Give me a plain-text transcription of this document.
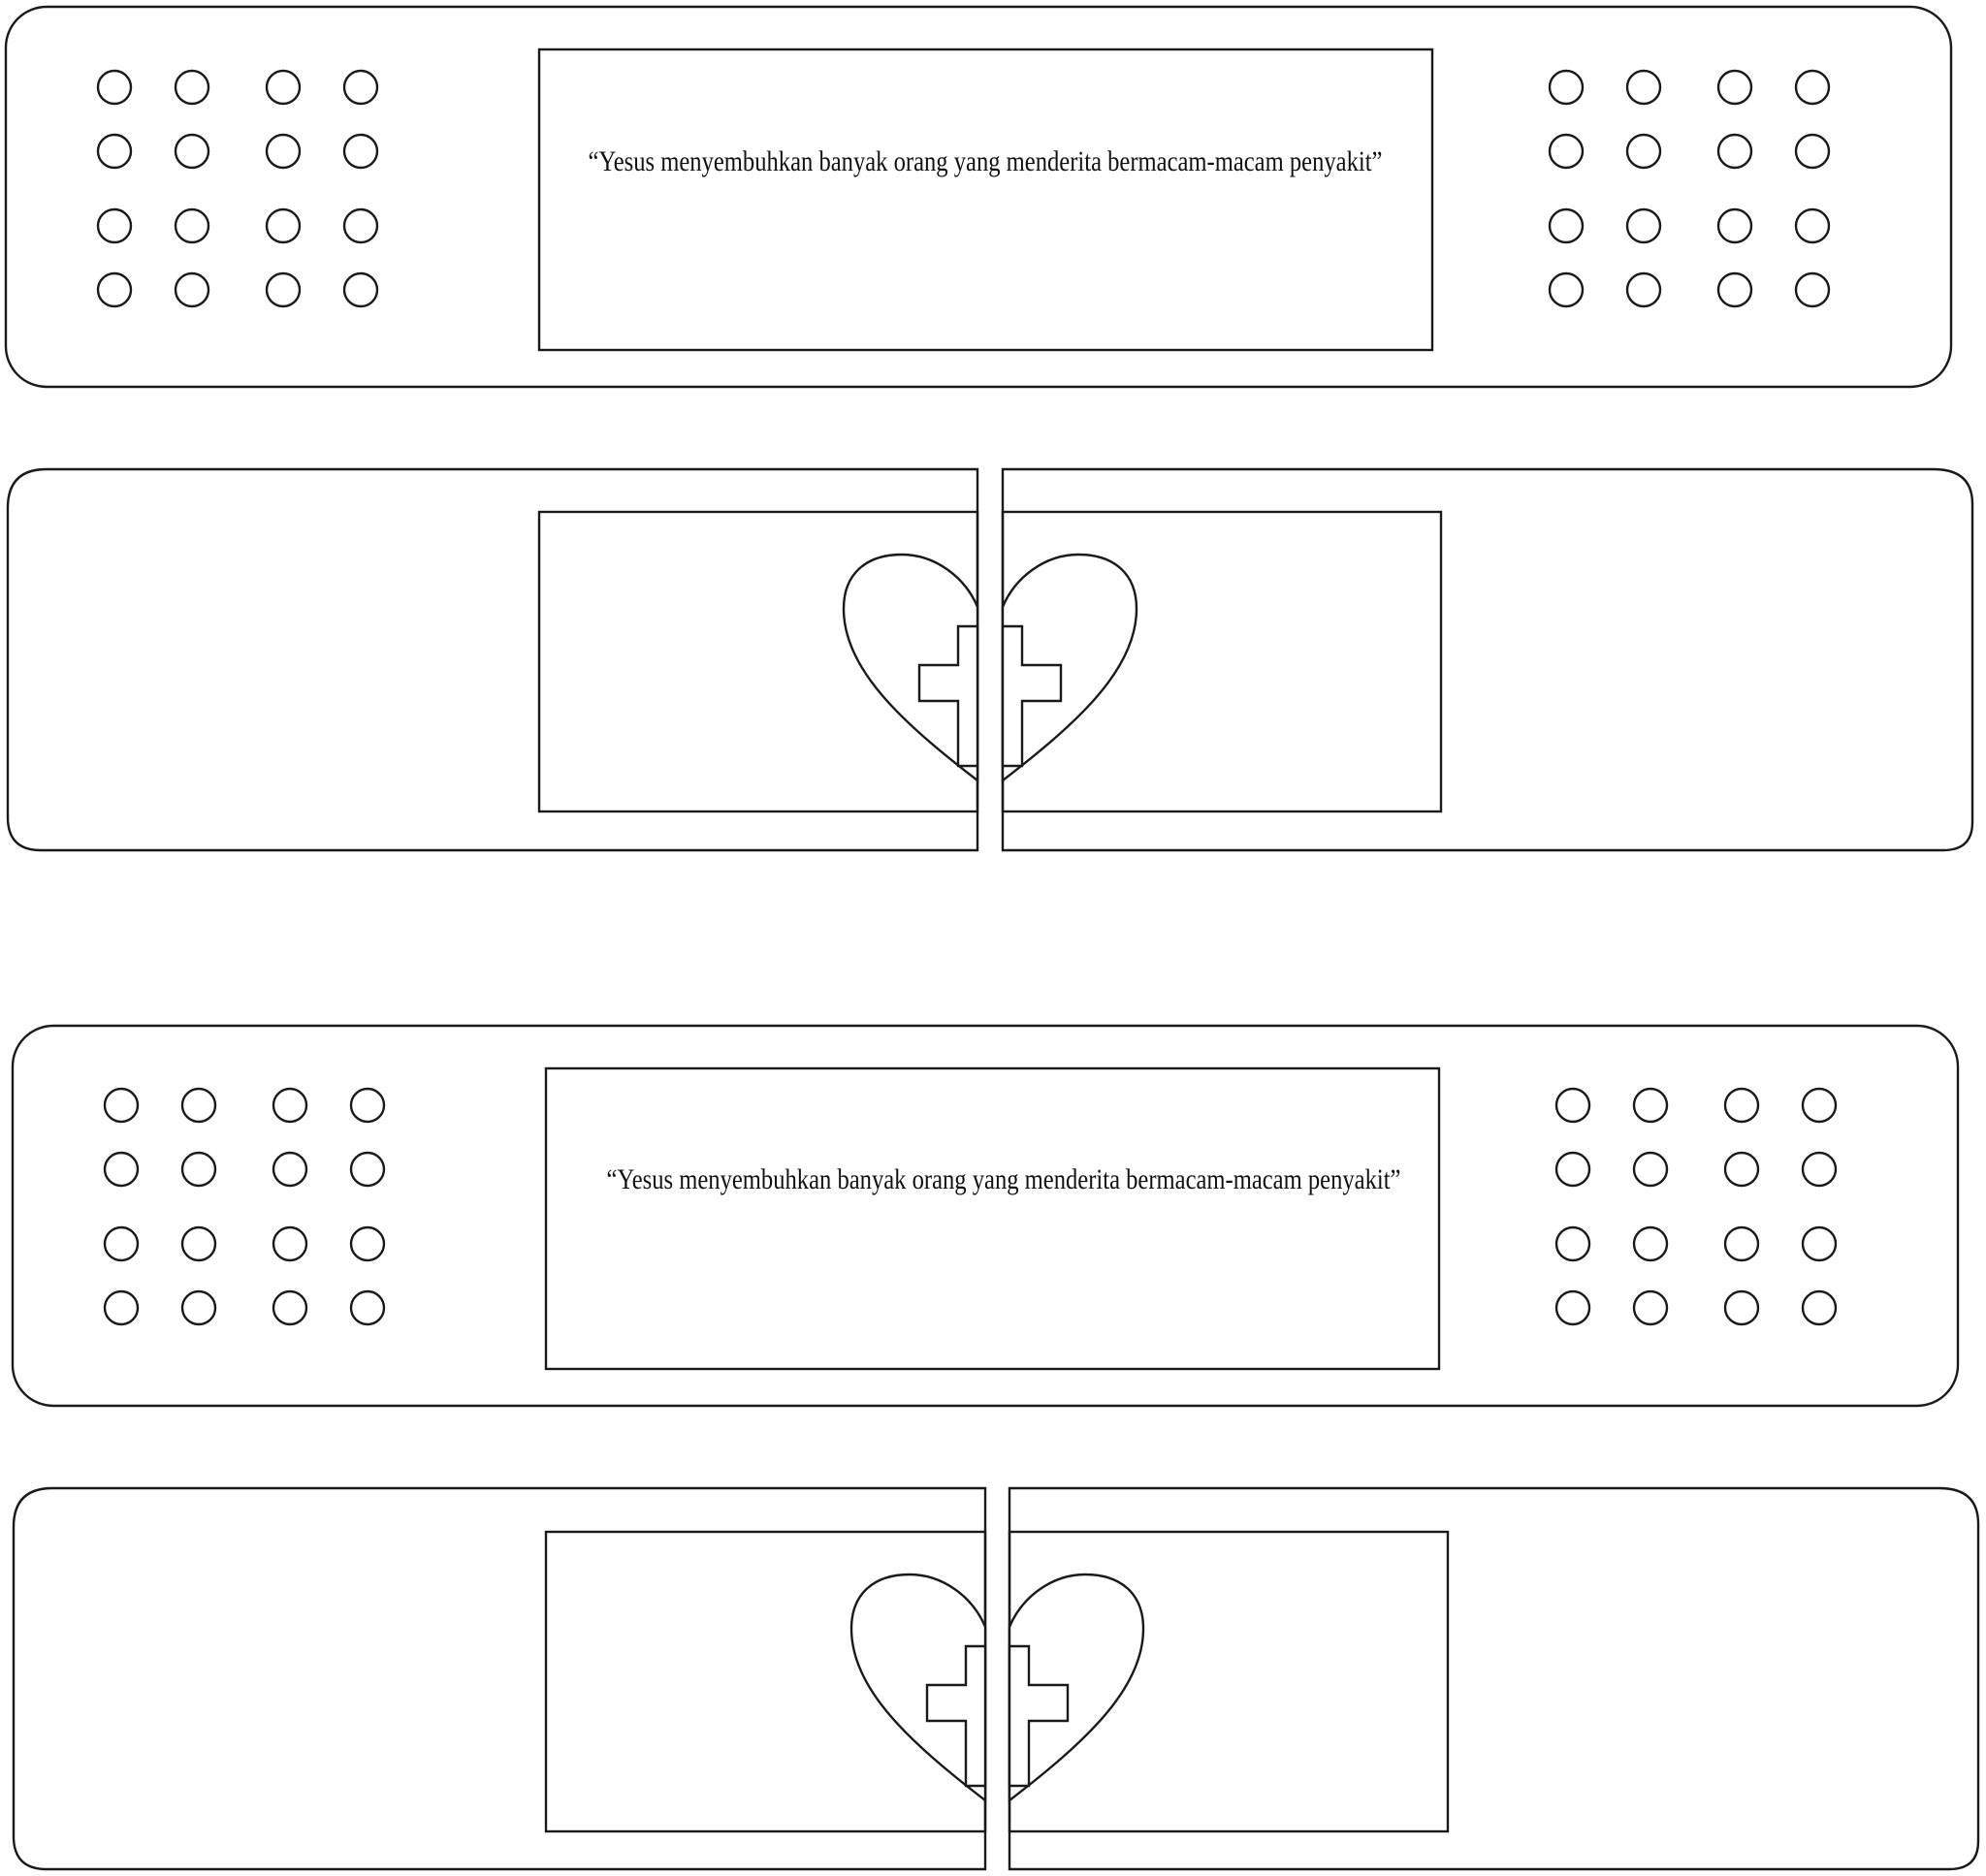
“Yesus menyembuhkan banyak orang yang menderita bermacam-macam penyakit”
“Yesus menyembuhkan banyak orang yang menderita bermacam-macam penyakit”
